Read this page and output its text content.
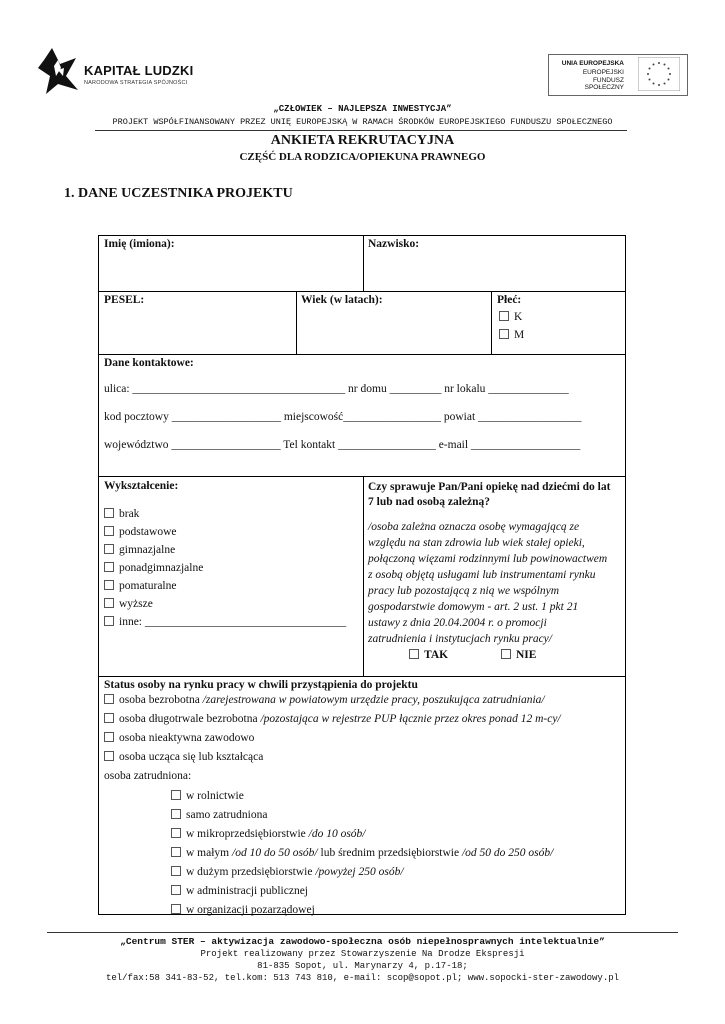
KAPITAŁ LUDZKI
NARODOWA STRATEGIA SPÓJNOŚCI
UNIA EUROPEJSKA
EUROPEJSKI
FUNDUSZ SPOŁECZNY
„CZŁOWIEK – NAJLEPSZA INWESTYCJA”
PROJEKT WSPÓŁFINANSOWANY PRZEZ UNIĘ EUROPEJSKĄ W RAMACH ŚRODKÓW EUROPEJSKIEGO FUNDUSZU SPOŁECZNEGO
ANKIETA REKRUTACYJNA
CZĘŚĆ DLA RODZICA/OPIEKUNA PRAWNEGO
1. DANE UCZESTNIKA PROJEKTU
Imię (imiona):	Nazwisko:
PESEL:	Wiek (w latach):	Płeć:
K
M
Dane kontaktowe:
ulica: _____________________________________ nr domu _________ nr lokalu ______________
kod pocztowy ___________________ miejscowość_________________ powiat __________________
województwo ___________________ Tel kontakt _________________ e-mail ___________________
Wykształcenie:
inne: ___________________________________
Czy sprawuje Pan/Pani opiekę nad dziećmi do lat 7 lub nad osobą zależną?
TAK	NIE
Status osoby na rynku pracy w chwili przystąpienia do projektu
osoba zatrudniona:
brak
podstawowe
gimnazjalne
ponadgimnazjalne
pomaturalne
wyższe
/osoba zależna oznacza osobę wymagającą ze
względu na stan zdrowia lub wiek stałej opieki,
połączoną więzami rodzinnymi lub powinowactwem
z osobą objętą usługami lub instrumentami rynku
pracy lub pozostającą z nią we wspólnym
gospodarstwie domowym - art. 2 ust. 1 pkt 21
ustawy z dnia 20.04.2004 r. o promocji
zatrudnienia i instytucjach rynku pracy/
osoba bezrobotna /zarejestrowana w powiatowym urzędzie pracy, poszukująca zatrudniania/
osoba długotrwale bezrobotna /pozostająca w rejestrze PUP łącznie przez okres ponad 12 m-cy/
osoba nieaktywna zawodowo
osoba ucząca się lub kształcąca
w rolnictwie
samo zatrudniona
w mikroprzedsiębiorstwie /do 10 osób/
w małym /od 10 do 50 osób/ lub średnim przedsiębiorstwie /od 50 do 250 osób/
w dużym przedsiębiorstwie /powyżej 250 osób/
w administracji publicznej
w organizacji pozarządowej
„Centrum STER – aktywizacja zawodowo-społeczna osób niepełnosprawnych intelektualnie”
Projekt realizowany przez Stowarzyszenie Na Drodze Ekspresji
81-835 Sopot, ul. Marynarzy 4, p.17-18;
tel/fax:58 341-83-52, tel.kom: 513 743 810, e-mail: scop@sopot.pl; www.sopocki-ster-zawodowy.pl
